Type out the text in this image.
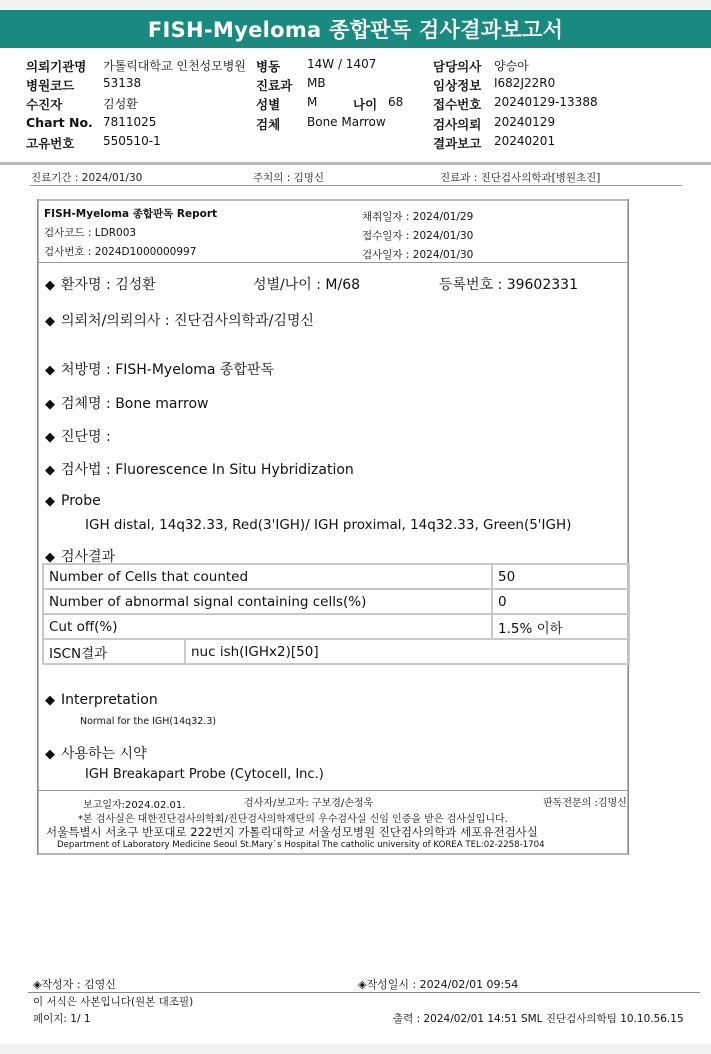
FISH-Myeloma 종합판독 검사결과보고서
의뢰기관명 가톨릭대학교 인천성모병원
병원코드 53138
수진자	김성환
Chart No. 7811025
고유번호 550510-1
병동 14W / 1407
진료과 MB
성별 M	나이 68
검체 Bone Marrow
담당의사 양승아
임상정보 I682J22R0
접수번호 20240129-13388
검사의뢰 20240129
결과보고 20240201
진료기간 : 2024/01/30	주치의 : 김명신	진료과 : 진단검사의학과[병원초진]
FISH-Myeloma 종합판독 Report
검사코드 : LDR003
검사번호 : 2024D1000000997
채취일자 : 2024/01/29
접수일자 : 2024/01/30
검사일자 : 2024/01/30
◆ 환자명 : 김성환	성별/나이 : M/68	등록번호 : 39602331
◆ 의뢰처/의뢰의사 : 진단검사의학과/김명신
◆ 처방명 : FISH-Myeloma 종합판독
◆ 검체명 : Bone marrow
◆ 진단명 :
◆ 검사법 : Fluorescence In Situ Hybridization
◆ Probe
IGH distal, 14q32.33, Red(3'IGH)/ IGH proximal, 14q32.33, Green(5'IGH)
◆ 검사결과
Number of Cells that counted		50
Number of abnormal signal containing cells(%)		0
Cut off(%)		1.5% 이하
ISCN결과	nuc ish(IGHx2)[50]	
◆ Interpretation
Normal for the IGH(14q32.3)
◆ 사용하는 시약
IGH Breakapart Probe (Cytocell, Inc.)
보고일자:2024.02.01.	검사자/보고자: 구보경/손정욱	판독전문의 :김명신
*본 검사실은 대한진단검사의학회/진단검사의학재단의 우수검사실 신임 인증을 받은 검사실입니다.
서울특별시 서초구 반포대로 222번지 가톨릭대학교 서울성모병원 진단검사의학과 세포유전검사실
Department of Laboratory Medicine Seoul St.Mary`s Hospital The catholic university of KOREA TEL:02-2258-1704
◈작성자 : 김영신	◈작성일시 : 2024/02/01 09:54
이 서식은 사본입니다(원본 대조필)
페이지: 1/ 1	출력 : 2024/02/01 14:51 SML 진단검사의학팀 10.10.56.15
